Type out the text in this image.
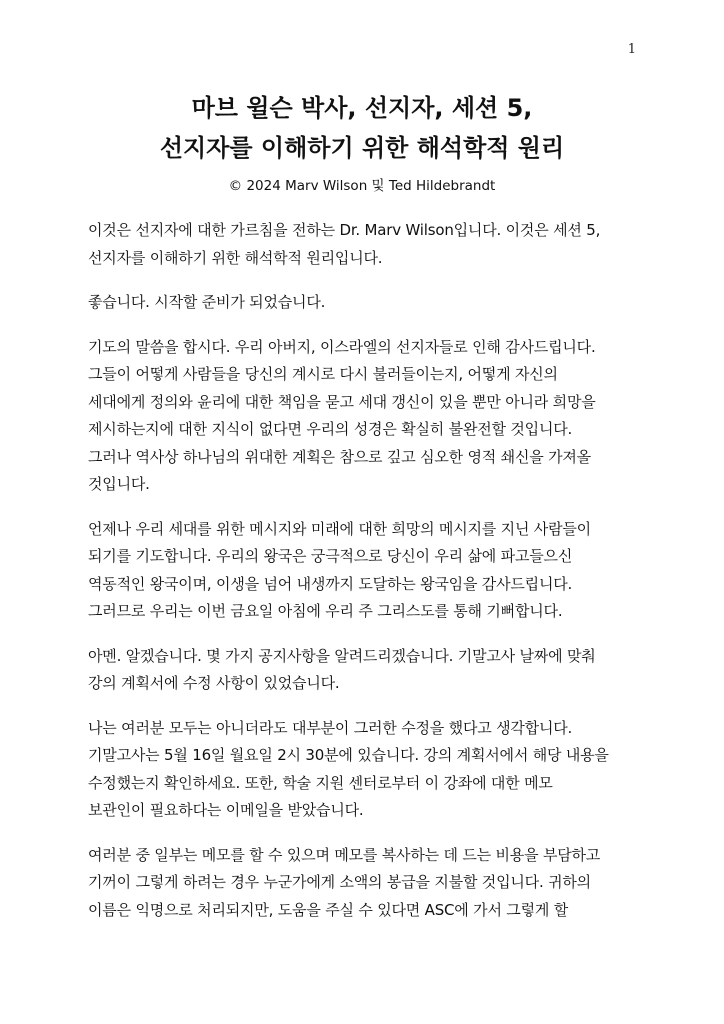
1

마브 윌슨 박사, 선지자, 세션 5,

선지자를 이해하기 위한 해석학적 원리

© 2024 Marv Wilson 및 Ted Hildebrandt

이것은 선지자에 대한 가르침을 전하는 Dr. Marv Wilson입니다. 이것은 세션 5,
선지자를 이해하기 위한 해석학적 원리입니다.

좋습니다. 시작할 준비가 되었습니다.

기도의 말씀을 합시다. 우리 아버지, 이스라엘의 선지자들로 인해 감사드립니다.
그들이 어떻게 사람들을 당신의 계시로 다시 불러들이는지, 어떻게 자신의
세대에게 정의와 윤리에 대한 책임을 묻고 세대 갱신이 있을 뿐만 아니라 희망을
제시하는지에 대한 지식이 없다면 우리의 성경은 확실히 불완전할 것입니다.
그러나 역사상 하나님의 위대한 계획은 참으로 깊고 심오한 영적 쇄신을 가져올
것입니다.

언제나 우리 세대를 위한 메시지와 미래에 대한 희망의 메시지를 지닌 사람들이
되기를 기도합니다. 우리의 왕국은 궁극적으로 당신이 우리 삶에 파고들으신
역동적인 왕국이며, 이생을 넘어 내생까지 도달하는 왕국임을 감사드립니다.
그러므로 우리는 이번 금요일 아침에 우리 주 그리스도를 통해 기뻐합니다.

아멘. 알겠습니다. 몇 가지 공지사항을 알려드리겠습니다. 기말고사 날짜에 맞춰
강의 계획서에 수정 사항이 있었습니다.

나는 여러분 모두는 아니더라도 대부분이 그러한 수정을 했다고 생각합니다.
기말고사는 5월 16일 월요일 2시 30분에 있습니다. 강의 계획서에서 해당 내용을
수정했는지 확인하세요. 또한, 학술 지원 센터로부터 이 강좌에 대한 메모
보관인이 필요하다는 이메일을 받았습니다.

여러분 중 일부는 메모를 할 수 있으며 메모를 복사하는 데 드는 비용을 부담하고
기꺼이 그렇게 하려는 경우 누군가에게 소액의 봉급을 지불할 것입니다. 귀하의
이름은 익명으로 처리되지만, 도움을 주실 수 있다면 ASC에 가서 그렇게 할
